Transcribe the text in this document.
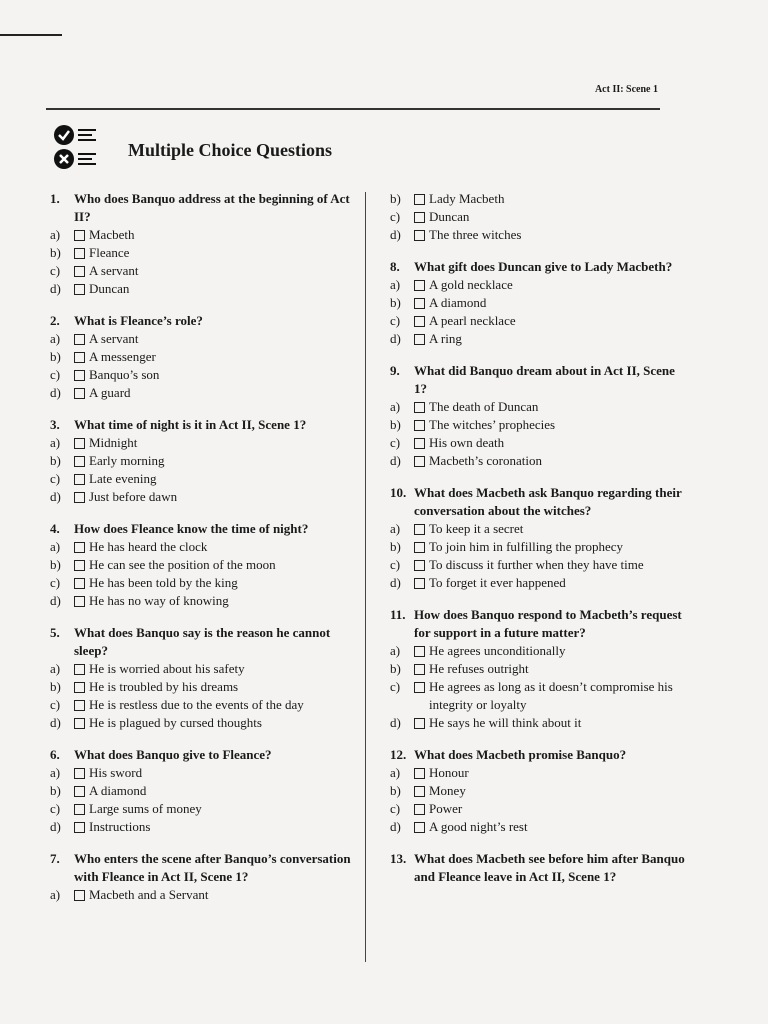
Act II: Scene 1
Multiple Choice Questions
1.	Who does Banquo address at the beginning of Act II?
a)	Macbeth
b)	Fleance
c)	A servant
d)	Duncan
2.	What is Fleance’s role?
a)	A servant
b)	A messenger
c)	Banquo’s son
d)	A guard
3.	What time of night is it in Act II, Scene 1?
a)	Midnight
b)	Early morning
c)	Late evening
d)	Just before dawn
4.	How does Fleance know the time of night?
a)	He has heard the clock
b)	He can see the position of the moon
c)	He has been told by the king
d)	He has no way of knowing
5.	What does Banquo say is the reason he cannot sleep?
a)	He is worried about his safety
b)	He is troubled by his dreams
c)	He is restless due to the events of the day
d)	He is plagued by cursed thoughts
6.	What does Banquo give to Fleance?
a)	His sword
b)	A diamond
c)	Large sums of money
d)	Instructions
7.	Who enters the scene after Banquo’s conversation with Fleance in Act II, Scene 1?
a)	Macbeth and a Servant
b)	Lady Macbeth
c)	Duncan
d)	The three witches
8.	What gift does Duncan give to Lady Macbeth?
a)	A gold necklace
b)	A diamond
c)	A pearl necklace
d)	A ring
9.	What did Banquo dream about in Act II, Scene 1?
a)	The death of Duncan
b)	The witches’ prophecies
c)	His own death
d)	Macbeth’s coronation
10. What does Macbeth ask Banquo regarding their conversation about the witches?
a)	To keep it a secret
b)	To join him in fulfilling the prophecy
c)	To discuss it further when they have time
d)	To forget it ever happened
11. How does Banquo respond to Macbeth’s request for support in a future matter?
a)	He agrees unconditionally
b)	He refuses outright
c)	He agrees as long as it doesn’t compromise his integrity or loyalty
d)	He says he will think about it
12. What does Macbeth promise Banquo?
a)	Honour
b)	Money
c)	Power
d)	A good night’s rest
13. What does Macbeth see before him after Banquo and Fleance leave in Act II, Scene 1?
